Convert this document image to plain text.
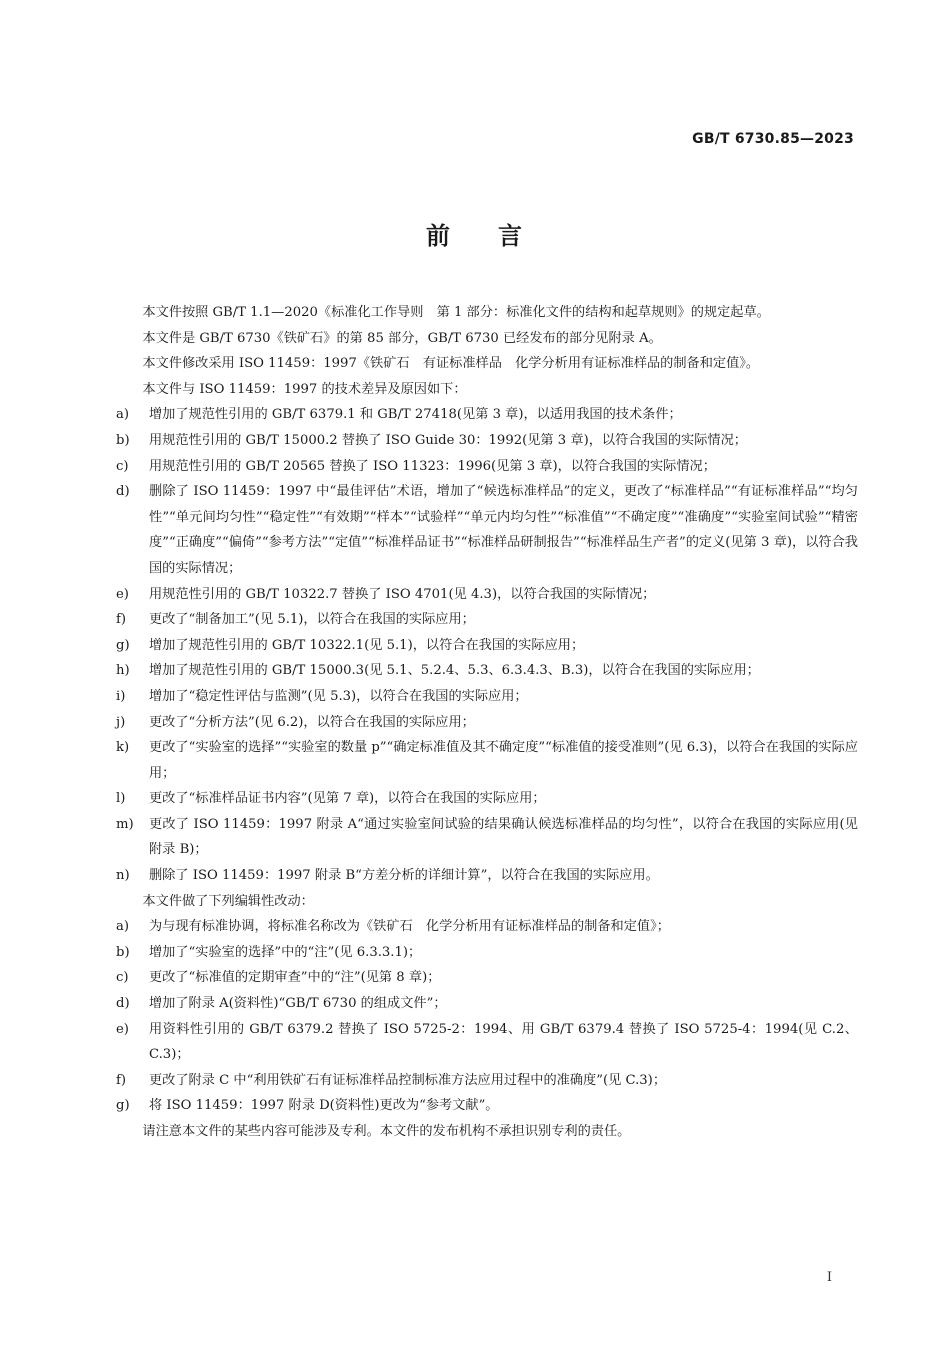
GB/T 6730.85—2023
前 言

本文件按照 GB/T 1.1—2020《标准化工作导则　第 1 部分：标准化文件的结构和起草规则》的规定起草。

本文件是 GB/T 6730《铁矿石》的第 85 部分，GB/T 6730 已经发布的部分见附录 A。

本文件修改采用 ISO 11459：1997《铁矿石　有证标准样品　化学分析用有证标准样品的制备和定值》。

本文件与 ISO 11459：1997 的技术差异及原因如下：

a)	增加了规范性引用的 GB/T 6379.1 和 GB/T 27418(见第 3 章)，以适用我国的技术条件；
b)	用规范性引用的 GB/T 15000.2 替换了 ISO Guide 30：1992(见第 3 章)，以符合我国的实际情况；
c)	用规范性引用的 GB/T 20565 替换了 ISO 11323：1996(见第 3 章)，以符合我国的实际情况；
d)	删除了 ISO 11459：1997 中“最佳评估”术语，增加了“候选标准样品”的定义，更改了“标准样品”“有证标准样品”“均匀性”“单元间均匀性”“稳定性”“有效期”“样本”“试验样”“单元内均匀性”“标准值”“不确定度”“准确度”“实验室间试验”“精密度”“正确度”“偏倚”“参考方法”“定值”“标准样品证书”“标准样品研制报告”“标准样品生产者”的定义(见第 3 章)，以符合我国的实际情况；
e)	用规范性引用的 GB/T 10322.7 替换了 ISO 4701(见 4.3)，以符合我国的实际情况；
f)	更改了“制备加工”(见 5.1)，以符合在我国的实际应用；
g)	增加了规范性引用的 GB/T 10322.1(见 5.1)，以符合在我国的实际应用；
h)	增加了规范性引用的 GB/T 15000.3(见 5.1、5.2.4、5.3、6.3.4.3、B.3)，以符合在我国的实际应用；
i)	增加了“稳定性评估与监测”(见 5.3)，以符合在我国的实际应用；
j)	更改了“分析方法”(见 6.2)，以符合在我国的实际应用；
k)	更改了“实验室的选择”“实验室的数量 p”“确定标准值及其不确定度”“标准值的接受准则”(见 6.3)，以符合在我国的实际应用；
l)	更改了“标准样品证书内容”(见第 7 章)，以符合在我国的实际应用；
m)	更改了 ISO 11459：1997 附录 A“通过实验室间试验的结果确认候选标准样品的均匀性”，以符合在我国的实际应用(见附录 B)；
n)	删除了 ISO 11459：1997 附录 B“方差分析的详细计算”，以符合在我国的实际应用。

本文件做了下列编辑性改动：

a)	为与现有标准协调，将标准名称改为《铁矿石　化学分析用有证标准样品的制备和定值》；
b)	增加了“实验室的选择”中的“注”(见 6.3.3.1)；
c)	更改了“标准值的定期审查”中的“注”(见第 8 章)；
d)	增加了附录 A(资料性)“GB/T 6730 的组成文件”；
e)	用资料性引用的 GB/T 6379.2 替换了 ISO 5725-2：1994、用 GB/T 6379.4 替换了 ISO 5725-4：1994(见 C.2、C.3)；
f)	更改了附录 C 中“利用铁矿石有证标准样品控制标准方法应用过程中的准确度”(见 C.3)；
g)	将 ISO 11459：1997 附录 D(资料性)更改为“参考文献”。

请注意本文件的某些内容可能涉及专利。本文件的发布机构不承担识别专利的责任。

I
